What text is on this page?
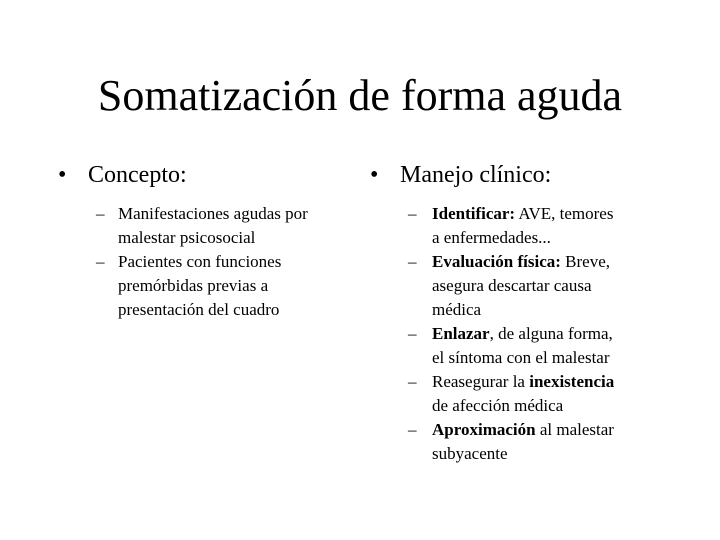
Somatización de forma aguda
• Concepto:
– Manifestaciones agudas por
malestar psicosocial
– Pacientes con funciones
premórbidas previas a
presentación del cuadro
• Manejo clínico:
– Identificar: AVE, temores
a enfermedades...
– Evaluación física: Breve,
asegura descartar causa
médica
– Enlazar, de alguna forma,
el síntoma con el malestar
– Reasegurar la inexistencia
de afección médica
– Aproximación al malestar
subyacente
